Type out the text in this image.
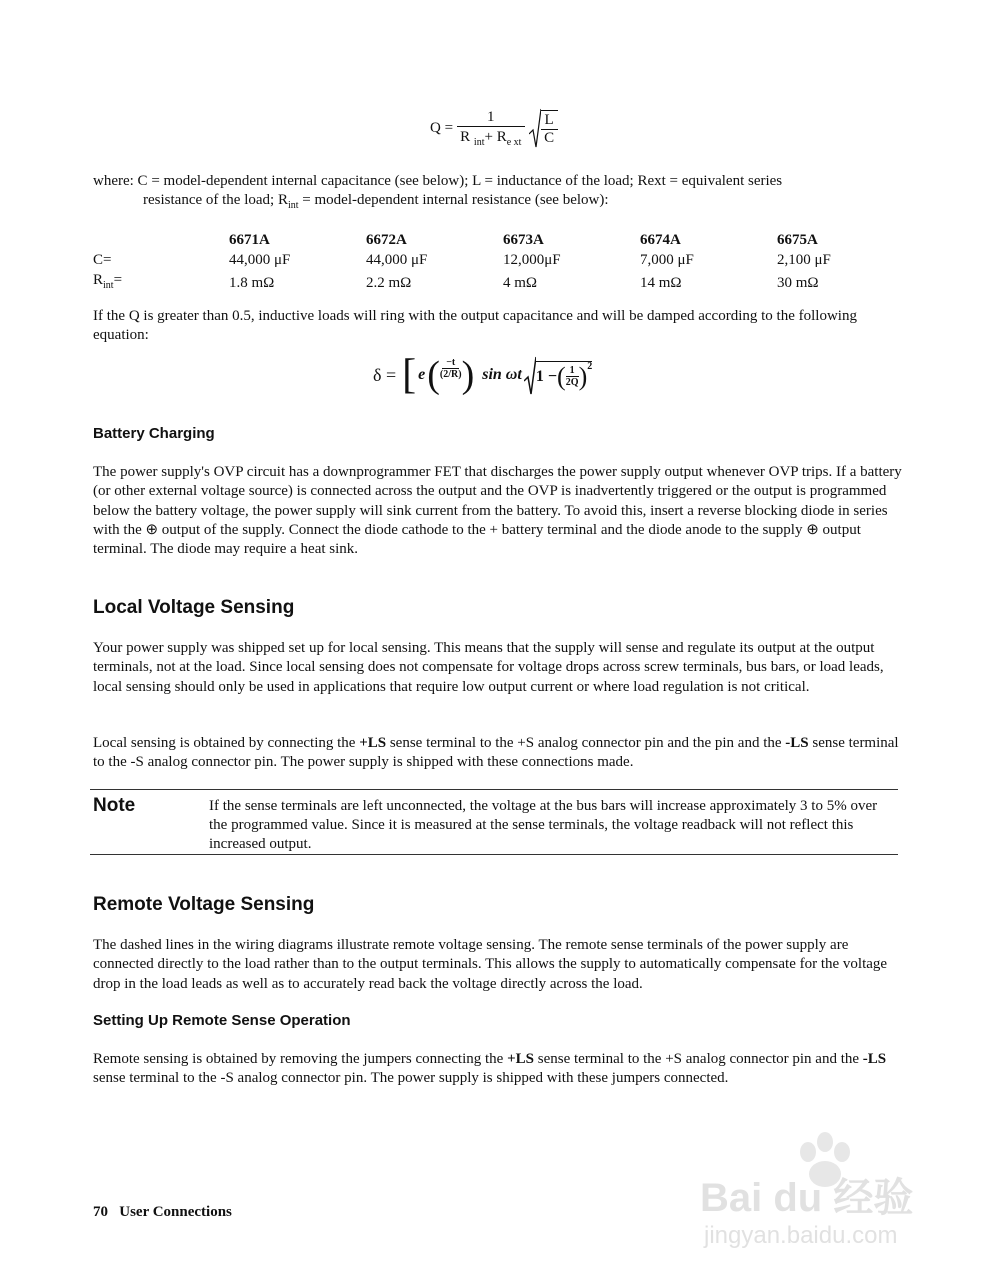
$Q = \frac{1}{R _{int}+ R_{e xt}} \frac{L}{C}$
where: C = model-dependent internal capacitance (see below); L = inductance of the load; Rext = equivalent series
resistance of the load; $R_{int}$ = model-dependent internal resistance (see below):
	6671A	6672A	6673A	6674A	6675A
C=	44,000 μF	44,000 μF	12,000μF	7,000 μF	2,100 μF
$R_{int}=$	1.8 mΩ	2.2 mΩ	4 mΩ	14 mΩ	30 mΩ

If the Q is greater than 0.5, inductive loads will ring with the output capacitance and will be damped according to the following equation:

δ = [ e ( $\frac{-t}{(2/R)}$ ) sin ωt 1 − ( $\frac{1}{2Q} )^2$
Battery Charging

The power supply's OVP circuit has a downprogrammer FET that discharges the power supply output whenever OVP trips. If a battery (or other external voltage source) is connected across the output and the OVP is inadvertently triggered or the output is programmed below the battery voltage, the power supply will sink current from the battery. To avoid this, insert a reverse blocking diode in series with the ⊕ output of the supply. Connect the diode cathode to the + battery terminal and the diode anode to the supply ⊕ output terminal. The diode may require a heat sink.

Local Voltage Sensing

Your power supply was shipped set up for local sensing. This means that the supply will sense and regulate its output at the output terminals, not at the load. Since local sensing does not compensate for voltage drops across screw terminals, bus bars, or load leads, local sensing should only be used in applications that require low output current or where load regulation is not critical.

Local sensing is obtained by connecting the +LS sense terminal to the +S analog connector pin and the pin and the -LS sense terminal to the -S analog connector pin. The power supply is shipped with these connections made.

Note	If the sense terminals are left unconnected, the voltage at the bus bars will increase approximately 3 to 5% over the programmed value. Since it is measured at the sense terminals, the voltage readback will not reflect this increased output.
Remote Voltage Sensing

The dashed lines in the wiring diagrams illustrate remote voltage sensing. The remote sense terminals of the power supply are connected directly to the load rather than to the output terminals. This allows the supply to automatically compensate for the voltage drop in the load leads as well as to accurately read back the voltage directly across the load.

Setting Up Remote Sense Operation

Remote sensing is obtained by removing the jumpers connecting the +LS sense terminal to the +S analog connector pin and the -LS sense terminal to the -S analog connector pin. The power supply is shipped with these jumpers connected.

70 User Connections	Bai du 经验
jingyan.baidu.com
